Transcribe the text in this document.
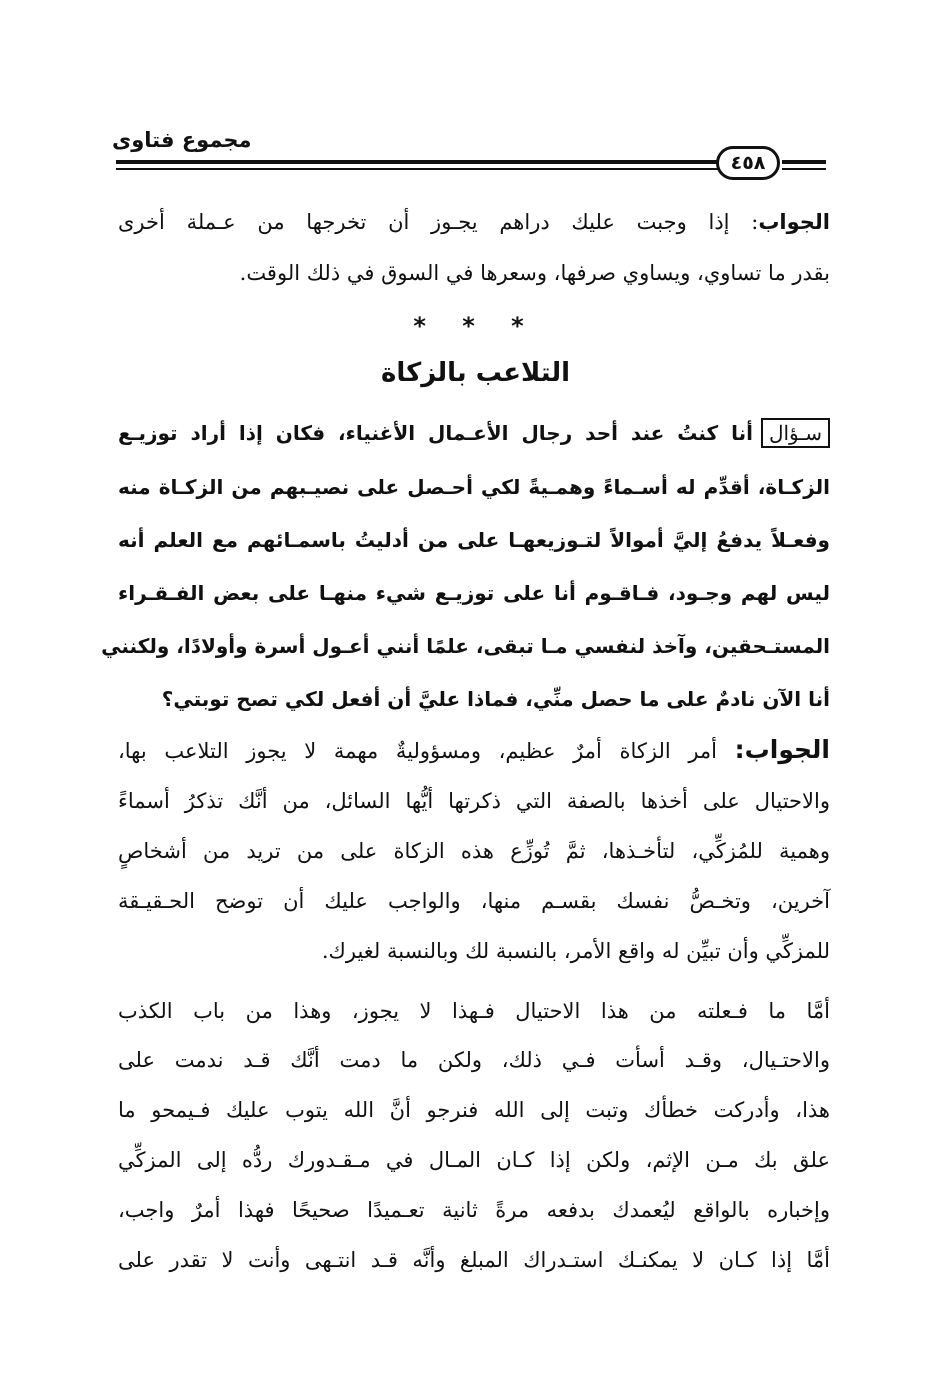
مجموع فتاوى
٤٥٨
الجواب: إذا وجبت عليك دراهم يجـوز أن تخرجها من عـملة أخرى
بقدر ما تساوي، ويساوي صرفها، وسعرها في السوق في ذلك الوقت.
* * *
التلاعب بالزكاة
سـؤالأنا كنتُ عند أحد رجال الأعـمال الأغنياء، فكان إذا أراد توزيـع
الزكـاة، أقدِّم له أسـماءً وهمـيةً لكي أحـصل على نصيـبهم من الزكـاة منه
وفعـلاً يدفعُ إليَّ أموالاً لتـوزيعهـا على من أدليتُ باسمـائهم مع العلم أنه
ليس لهم وجـود، فـاقـوم أنا على توزيـع شيء منهـا على بعض الفـقـراء
المستـحقين، وآخذ لنفسي مـا تبقى، علمًا أنني أعـول أسرة وأولادًا، ولكنني
أنا الآن نادمٌ على ما حصل منِّي، فماذا عليَّ أن أفعل لكي تصح توبتي؟
الجواب: أمر الزكاة أمرٌ عظيم، ومسؤوليةٌ مهمة لا يجوز التلاعب بها،
والاحتيال على أخذها بالصفة التي ذكرتها أيُّها السائل، من أنَّك تذكرُ أسماءً
وهمية للمُزكِّي، لتأخـذها، ثمَّ تُوزِّع هذه الزكاة على من تريد من أشخاصٍ
آخرين، وتخـصُّ نفسك بقسـم منها، والواجب عليك أن توضح الحـقيـقة
للمزكِّي وأن تبيِّن له واقع الأمر، بالنسبة لك وبالنسبة لغيرك.
أمَّا ما فـعلته من هذا الاحتيال فـهذا لا يجوز، وهذا من باب الكذب
والاحتـيال، وقـد أسأت فـي ذلك، ولكن ما دمت أنَّك قـد ندمت على
هذا، وأدركت خطأك وتبت إلى الله فنرجو أنَّ الله يتوب عليك فـيمحو ما
علق بك مـن الإثم، ولكن إذا كـان المـال في مـقـدورك ردُّه إلى المزكِّي
وإخباره بالواقع ليُعمدك بدفعه مرةً ثانية تعـميدًا صحيحًا فهذا أمرٌ واجب،
أمَّا إذا كـان لا يمكنـك استـدراك المبلغ وأنَّه قـد انتـهى وأنت لا تقدر على
